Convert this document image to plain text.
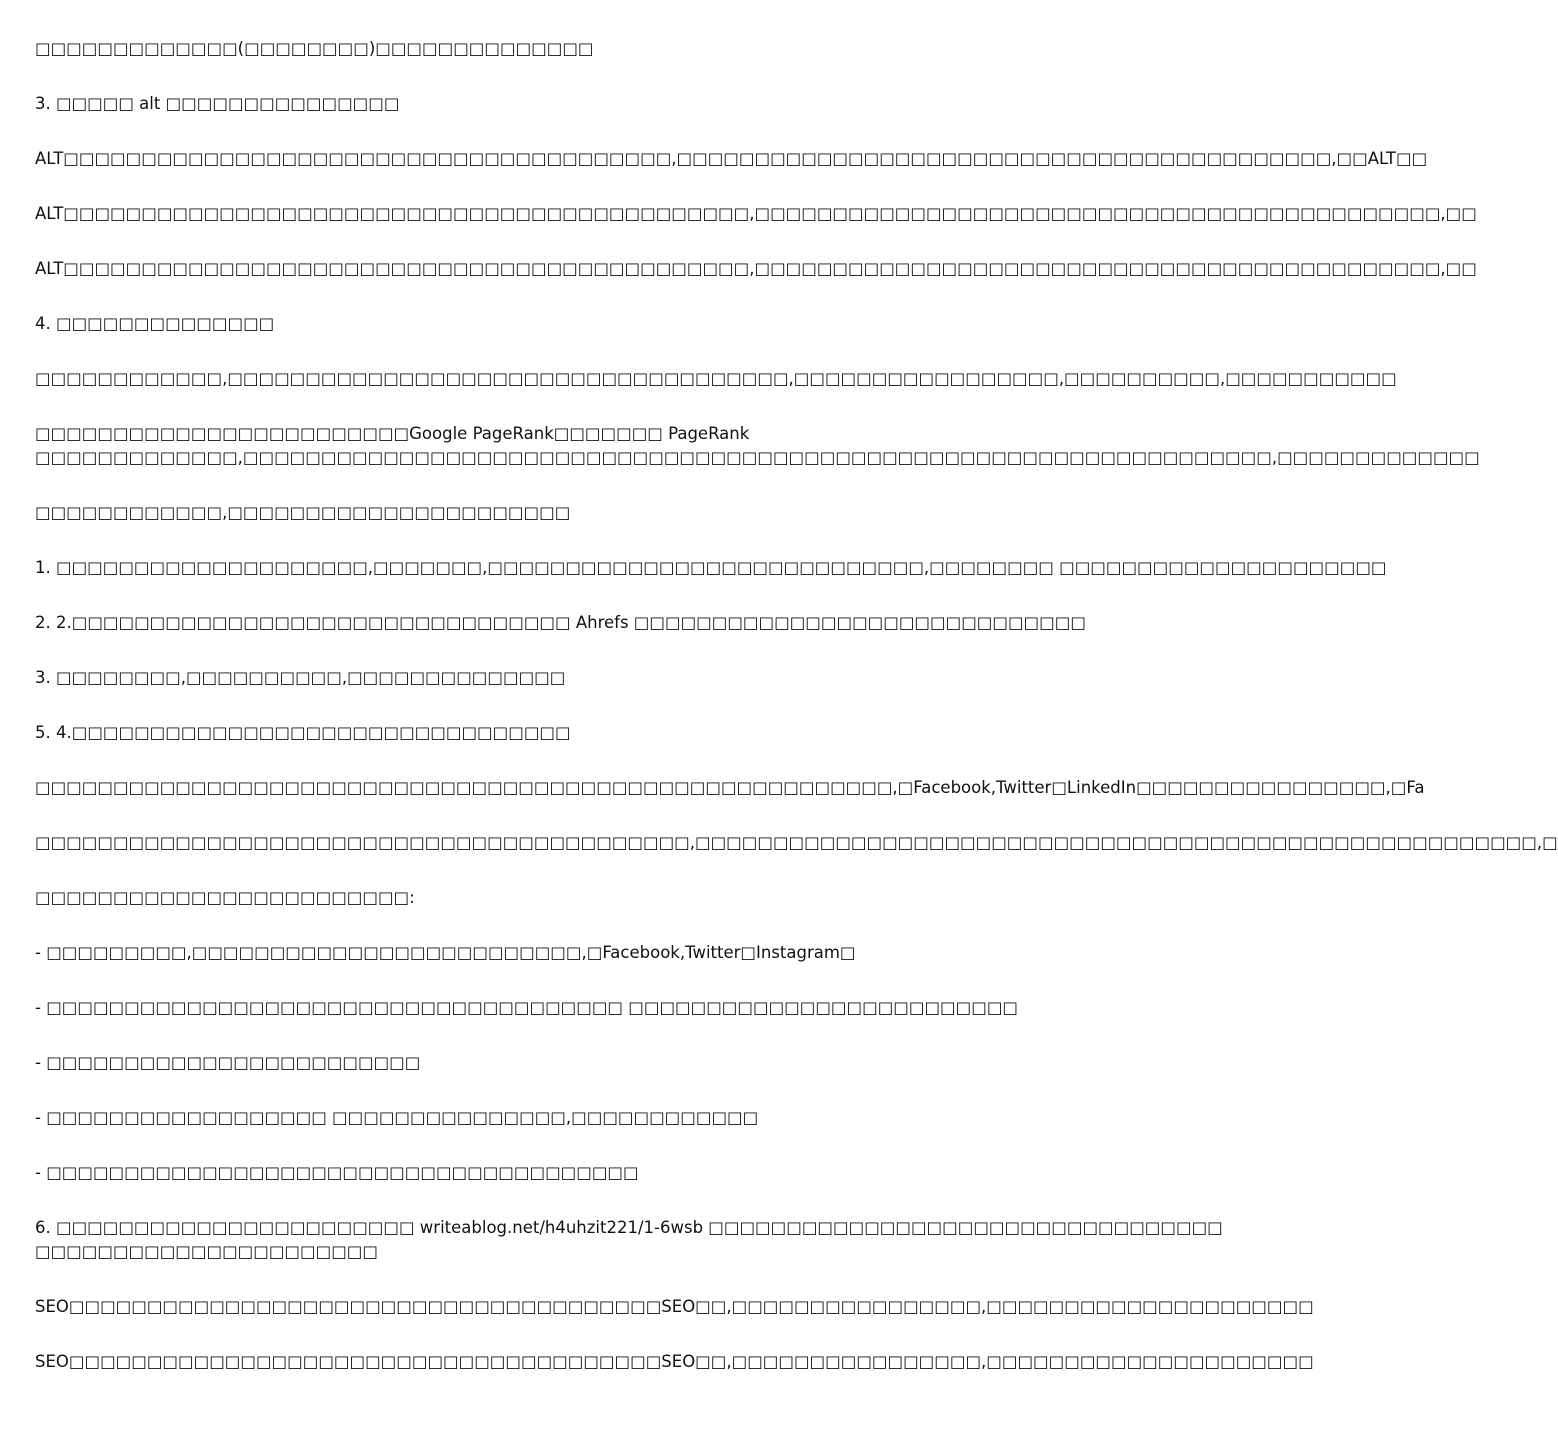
□□□□□□□□□□□□□(□□□□□□□□)□□□□□□□□□□□□□□

3. □□□□□ alt □□□□□□□□□□□□□□□

ALT□□□□□□□□□□□□□□□□□□□□□□□□□□□□□□□□□□□□□□□,□□□□□□□□□□□□□□□□□□□□□□□□□□□□□□□□□□□□□□□□□□,□□ALT□□

ALT□□□□□□□□□□□□□□□□□□□□□□□□□□□□□□□□□□□□□□□□□□□□,□□□□□□□□□□□□□□□□□□□□□□□□□□□□□□□□□□□□□□□□□□□□,□□

ALT□□□□□□□□□□□□□□□□□□□□□□□□□□□□□□□□□□□□□□□□□□□□,□□□□□□□□□□□□□□□□□□□□□□□□□□□□□□□□□□□□□□□□□□□□,□□

4. □□□□□□□□□□□□□□

□□□□□□□□□□□□,□□□□□□□□□□□□□□□□□□□□□□□□□□□□□□□□□□□□,□□□□□□□□□□□□□□□□□,□□□□□□□□□□,□□□□□□□□□□□

□□□□□□□□□□□□□□□□□□□□□□□□Google PageRank□□□□□□□ PageRank
□□□□□□□□□□□□□,□□□□□□□□□□□□□□□□□□□□□□□□□□□□□□□□□□□□□□□□□□□□□□□□□□□□□□□□□□□□□□□□□□,□□□□□□□□□□□□□

□□□□□□□□□□□□,□□□□□□□□□□□□□□□□□□□□□□

1. □□□□□□□□□□□□□□□□□□□□,□□□□□□□,□□□□□□□□□□□□□□□□□□□□□□□□□□□□,□□□□□□□□ □□□□□□□□□□□□□□□□□□□□□

2. 2.□□□□□□□□□□□□□□□□□□□□□□□□□□□□□□□□ Ahrefs □□□□□□□□□□□□□□□□□□□□□□□□□□□□□

3. □□□□□□□□,□□□□□□□□□□,□□□□□□□□□□□□□□

5. 4.□□□□□□□□□□□□□□□□□□□□□□□□□□□□□□□□

□□□□□□□□□□□□□□□□□□□□□□□□□□□□□□□□□□□□□□□□□□□□□□□□□□□□□□□,□Facebook,Twitter□LinkedIn□□□□□□□□□□□□□□□□,□Fa

□□□□□□□□□□□□□□□□□□□□□□□□□□□□□□□□□□□□□□□□□□,□□□□□□□□□□□□□□□□□□□□□□□□□□□□□□□□□□□□□□□□□□□□□□□□□□□□□□,□

□□□□□□□□□□□□□□□□□□□□□□□□:

- □□□□□□□□□,□□□□□□□□□□□□□□□□□□□□□□□□□,□Facebook,Twitter□Instagram□

- □□□□□□□□□□□□□□□□□□□□□□□□□□□□□□□□□□□□□ □□□□□□□□□□□□□□□□□□□□□□□□□

- □□□□□□□□□□□□□□□□□□□□□□□□

- □□□□□□□□□□□□□□□□□□ □□□□□□□□□□□□□□□,□□□□□□□□□□□□

- □□□□□□□□□□□□□□□□□□□□□□□□□□□□□□□□□□□□□□

6. □□□□□□□□□□□□□□□□□□□□□□□ writeablog.net/h4uhzit221/1-6wsb □□□□□□□□□□□□□□□□□□□□□□□□□□□□□□□□□
□□□□□□□□□□□□□□□□□□□□□□

SEO□□□□□□□□□□□□□□□□□□□□□□□□□□□□□□□□□□□□□□SEO□□,□□□□□□□□□□□□□□□□,□□□□□□□□□□□□□□□□□□□□□

SEO□□□□□□□□□□□□□□□□□□□□□□□□□□□□□□□□□□□□□□SEO□□,□□□□□□□□□□□□□□□□,□□□□□□□□□□□□□□□□□□□□□
